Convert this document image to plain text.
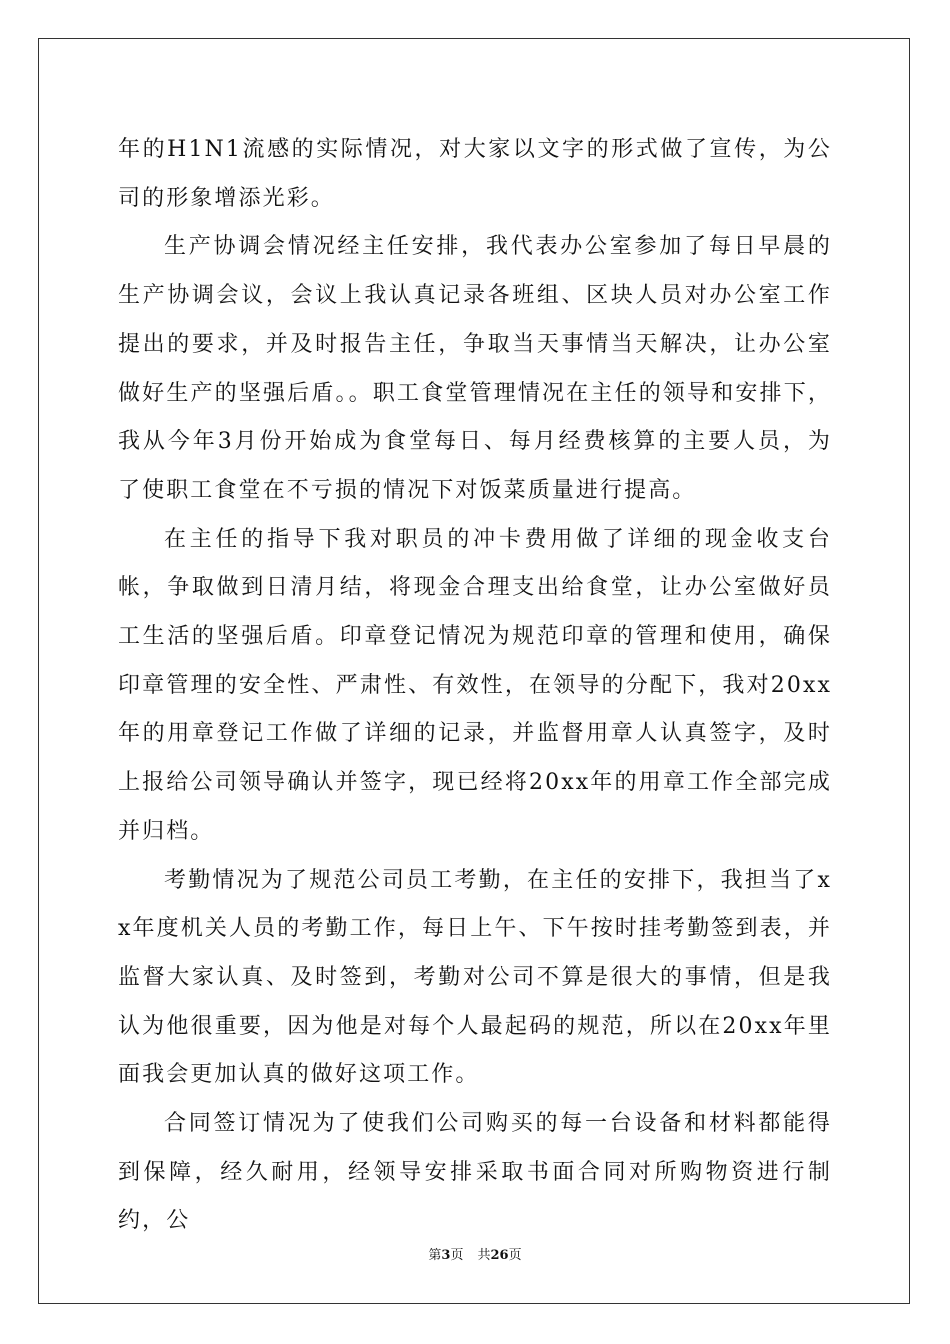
年的H1N1流感的实际情况，对大家以文字的形式做了宣传，为公司的形象增添光彩。

生产协调会情况经主任安排，我代表办公室参加了每日早晨的生产协调会议，会议上我认真记录各班组、区块人员对办公室工作提出的要求，并及时报告主任，争取当天事情当天解决，让办公室做好生产的坚强后盾。。职工食堂管理情况在主任的领导和安排下，我从今年3月份开始成为食堂每日、每月经费核算的主要人员，为了使职工食堂在不亏损的情况下对饭菜质量进行提高。

在主任的指导下我对职员的冲卡费用做了详细的现金收支台帐，争取做到日清月结，将现金合理支出给食堂，让办公室做好员工生活的坚强后盾。印章登记情况为规范印章的管理和使用，确保印章管理的安全性、严肃性、有效性，在领导的分配下，我对20xx年的用章登记工作做了详细的记录，并监督用章人认真签字，及时上报给公司领导确认并签字，现已经将20xx年的用章工作全部完成并归档。

考勤情况为了规范公司员工考勤，在主任的安排下，我担当了xx年度机关人员的考勤工作，每日上午、下午按时挂考勤签到表，并监督大家认真、及时签到，考勤对公司不算是很大的事情，但是我认为他很重要，因为他是对每个人最起码的规范，所以在20xx年里面我会更加认真的做好这项工作。

合同签订情况为了使我们公司购买的每一台设备和材料都能得到保障，经久耐用，经领导安排采取书面合同对所购物资进行制约，公

第3页 共26页
